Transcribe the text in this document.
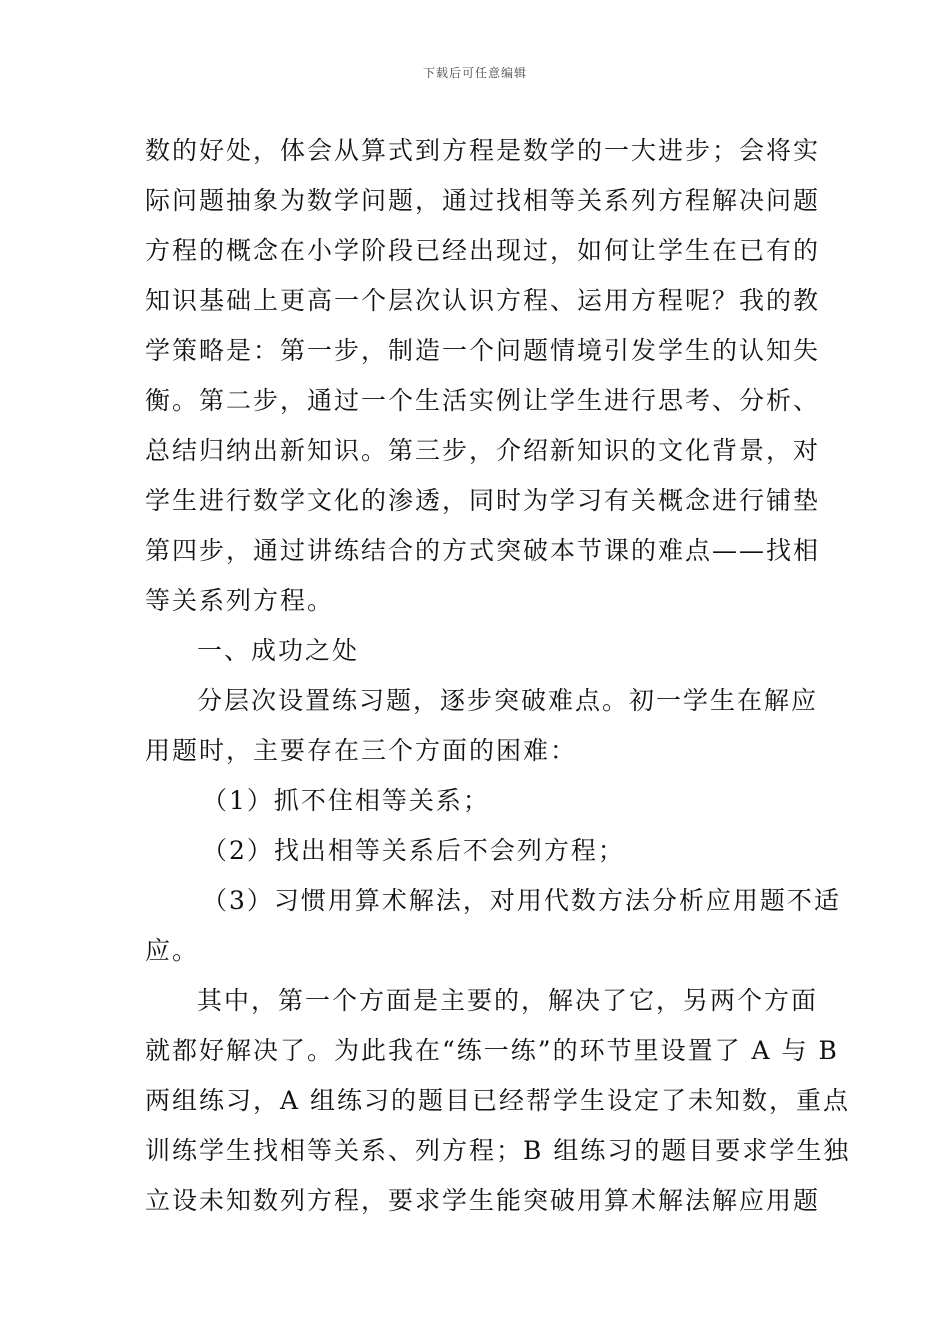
下载后可任意编辑
数的好处，体会从算式到方程是数学的一大进步；会将实
际问题抽象为数学问题，通过找相等关系列方程解决问题
方程的概念在小学阶段已经出现过，如何让学生在已有的
知识基础上更高一个层次认识方程、运用方程呢？我的教
学策略是：第一步，制造一个问题情境引发学生的认知失
衡。第二步，通过一个生活实例让学生进行思考、分析、
总结归纳出新知识。第三步，介绍新知识的文化背景，对
学生进行数学文化的渗透，同时为学习有关概念进行铺垫
第四步，通过讲练结合的方式突破本节课的难点——找相
等关系列方程。
一、成功之处
分层次设置练习题，逐步突破难点。初一学生在解应
用题时，主要存在三个方面的困难：
（1）抓不住相等关系；
（2）找出相等关系后不会列方程；
（3）习惯用算术解法，对用代数方法分析应用题不适
应。
其中，第一个方面是主要的，解决了它，另两个方面
就都好解决了。为此我在“练一练”的环节里设置了 A 与 B
两组练习，A 组练习的题目已经帮学生设定了未知数，重点
训练学生找相等关系、列方程；B 组练习的题目要求学生独
立设未知数列方程，要求学生能突破用算术解法解应用题
